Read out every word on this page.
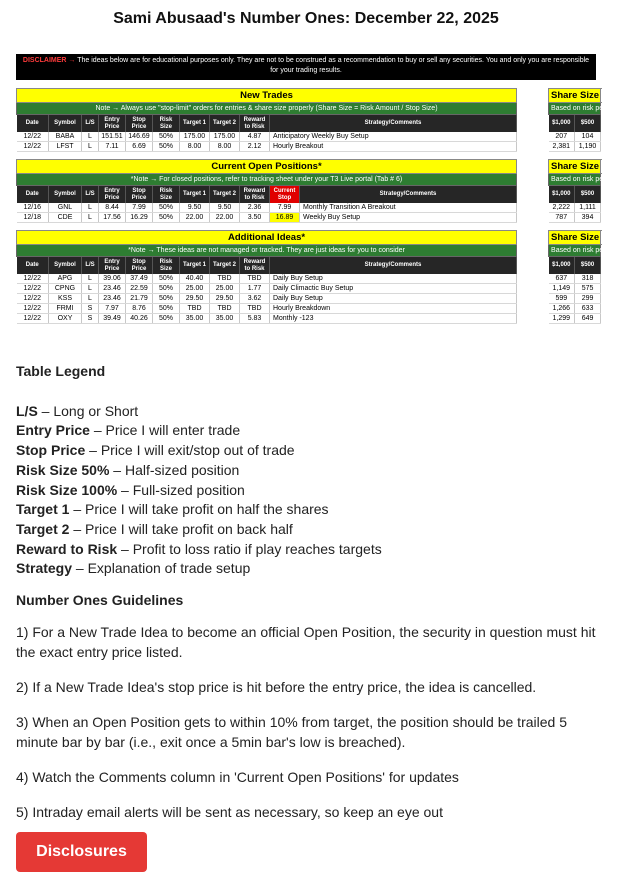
Sami Abusaad's Number Ones: December 22, 2025
DISCLAIMER → The ideas below are for educational purposes only. They are not to be construed as a recommendation to buy or sell any securities. You and only you are responsible for your trading results.
New Trades											Share Size		
Note → Always use "stop-limit" orders for entries & share size properly (Share Size = Risk Amount / Stop Size)											Based on risk per trade		
Date	Symbol	L/S	Entry Price	Stop Price	Risk Size	Target 1	Target 2	Reward to Risk	Strategy/Comments		$1,000	$500	
12/22	BABA	L	151.51	146.69	50%	175.00	175.00	4.87	Anticipatory Weekly Buy Setup		207	104	
12/22	LFST	L	7.11	6.69	50%	8.00	8.00	2.12	Hourly Breakout		2,381	1,190	
Current Open Positions*												Share Size		
*Note → For closed positions, refer to tracking sheet under your T3 Live portal (Tab # 6)												Based on risk per trade		
Date	Symbol	L/S	Entry Price	Stop Price	Risk Size	Target 1	Target 2	Reward to Risk	Current Stop	Strategy/Comments		$1,000	$500	
12/16	GNL	L	8.44	7.99	50%	9.50	9.50	2.36	7.99	Monthly Transition A Breakout		2,222	1,111	
12/18	CDE	L	17.56	16.29	50%	22.00	22.00	3.50	16.89	Weekly Buy Setup		787	394	
Additional Ideas*											Share Size		
*Note → These ideas are not managed or tracked. They are just ideas for you to consider											Based on risk per trade		
Date	Symbol	L/S	Entry Price	Stop Price	Risk Size	Target 1	Target 2	Reward to Risk	Strategy/Comments		$1,000	$500	
12/22	APG	L	39.06	37.49	50%	40.40	TBD	TBD	Daily Buy Setup		637	318	
12/22	CPNG	L	23.46	22.59	50%	25.00	25.00	1.77	Daily Climactic Buy Setup		1,149	575	
12/22	KSS	L	23.46	21.79	50%	29.50	29.50	3.62	Daily Buy Setup		599	299	
12/22	FRMI	S	7.97	8.76	50%	TBD	TBD	TBD	Hourly Breakdown		1,266	633	
12/22	OXY	S	39.49	40.26	50%	35.00	35.00	5.83	Monthly -123		1,299	649	
Table Legend
L/S – Long or Short
Entry Price – Price I will enter trade
Stop Price – Price I will exit/stop out of trade
Risk Size 50% – Half-sized position
Risk Size 100% – Full-sized position
Target 1 – Price I will take profit on half the shares
Target 2 – Price I will take profit on back half
Reward to Risk – Profit to loss ratio if play reaches targets
Strategy – Explanation of trade setup
Number Ones Guidelines

1) For a New Trade Idea to become an official Open Position, the security in question must hit the exact entry price listed.

2) If a New Trade Idea's stop price is hit before the entry price, the idea is cancelled.

3) When an Open Position gets to within 10% from target, the position should be trailed 5 minute bar by bar (i.e., exit once a 5min bar's low is breached).

4) Watch the Comments column in 'Current Open Positions' for updates

5) Intraday email alerts will be sent as necessary, so keep an eye out

Disclosures
